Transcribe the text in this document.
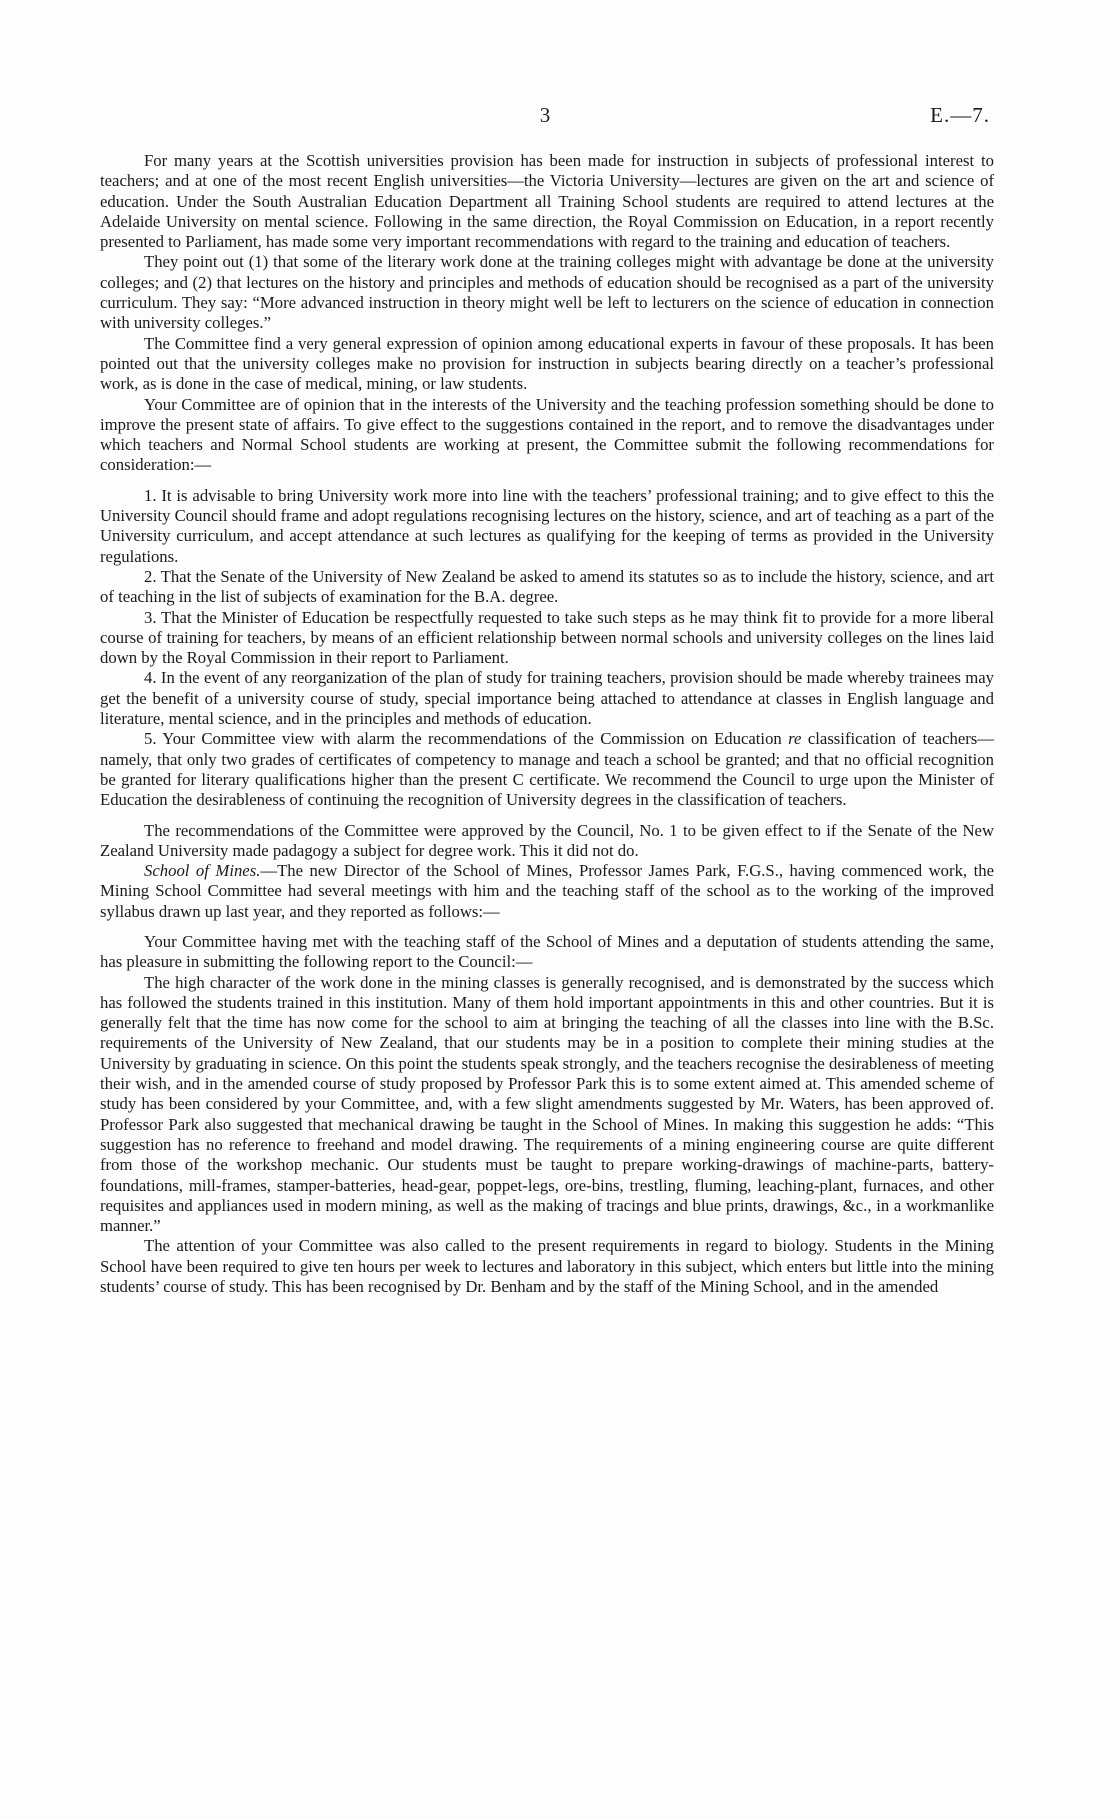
3	E.—7.

For many years at the Scottish universities provision has been made for instruction in subjects of professional interest to teachers; and at one of the most recent English universities—the Victoria University—lectures are given on the art and science of education. Under the South Australian Education Department all Training School students are required to attend lectures at the Adelaide University on mental science. Following in the same direction, the Royal Commission on Education, in a report recently presented to Parliament, has made some very important recommendations with regard to the training and education of teachers.

They point out (1) that some of the literary work done at the training colleges might with advantage be done at the university colleges; and (2) that lectures on the history and principles and methods of education should be recognised as a part of the university curriculum. They say: “More advanced instruction in theory might well be left to lecturers on the science of education in connection with university colleges.”

The Committee find a very general expression of opinion among educational experts in favour of these proposals. It has been pointed out that the university colleges make no provision for instruction in subjects bearing directly on a teacher’s professional work, as is done in the case of medical, mining, or law students.

Your Committee are of opinion that in the interests of the University and the teaching profession something should be done to improve the present state of affairs. To give effect to the suggestions contained in the report, and to remove the disadvantages under which teachers and Normal School students are working at present, the Committee submit the following recommendations for consideration:—

1. It is advisable to bring University work more into line with the teachers’ professional training; and to give effect to this the University Council should frame and adopt regulations recognising lectures on the history, science, and art of teaching as a part of the University curriculum, and accept attendance at such lectures as qualifying for the keeping of terms as provided in the University regulations.

2. That the Senate of the University of New Zealand be asked to amend its statutes so as to include the history, science, and art of teaching in the list of subjects of examination for the B.A. degree.

3. That the Minister of Education be respectfully requested to take such steps as he may think fit to provide for a more liberal course of training for teachers, by means of an efficient relationship between normal schools and university colleges on the lines laid down by the Royal Commission in their report to Parliament.

4. In the event of any reorganization of the plan of study for training teachers, provision should be made whereby trainees may get the benefit of a university course of study, special importance being attached to attendance at classes in English language and literature, mental science, and in the principles and methods of education.

5. Your Committee view with alarm the recommendations of the Commission on Education re classification of teachers—namely, that only two grades of certificates of competency to manage and teach a school be granted; and that no official recognition be granted for literary qualifications higher than the present C certificate. We recommend the Council to urge upon the Minister of Education the desirableness of continuing the recognition of University degrees in the classification of teachers.

The recommendations of the Committee were approved by the Council, No. 1 to be given effect to if the Senate of the New Zealand University made padagogy a subject for degree work. This it did not do.

School of Mines.—The new Director of the School of Mines, Professor James Park, F.G.S., having commenced work, the Mining School Committee had several meetings with him and the teaching staff of the school as to the working of the improved syllabus drawn up last year, and they reported as follows:—

Your Committee having met with the teaching staff of the School of Mines and a deputation of students attending the same, has pleasure in submitting the following report to the Council:—

The high character of the work done in the mining classes is generally recognised, and is demonstrated by the success which has followed the students trained in this institution. Many of them hold important appointments in this and other countries. But it is generally felt that the time has now come for the school to aim at bringing the teaching of all the classes into line with the B.Sc. requirements of the University of New Zealand, that our students may be in a position to complete their mining studies at the University by graduating in science. On this point the students speak strongly, and the teachers recognise the desirableness of meeting their wish, and in the amended course of study proposed by Professor Park this is to some extent aimed at. This amended scheme of study has been considered by your Committee, and, with a few slight amendments suggested by Mr. Waters, has been approved of. Professor Park also suggested that mechanical drawing be taught in the School of Mines. In making this suggestion he adds: “This suggestion has no reference to freehand and model drawing. The requirements of a mining engineering course are quite different from those of the workshop mechanic. Our students must be taught to prepare working-drawings of machine-parts, battery-foundations, mill-frames, stamper-batteries, head-gear, poppet-legs, ore-bins, trestling, fluming, leaching-plant, furnaces, and other requisites and appliances used in modern mining, as well as the making of tracings and blue prints, drawings, &c., in a workmanlike manner.”

The attention of your Committee was also called to the present requirements in regard to biology. Students in the Mining School have been required to give ten hours per week to lectures and laboratory in this subject, which enters but little into the mining students’ course of study. This has been recognised by Dr. Benham and by the staff of the Mining School, and in the amended
